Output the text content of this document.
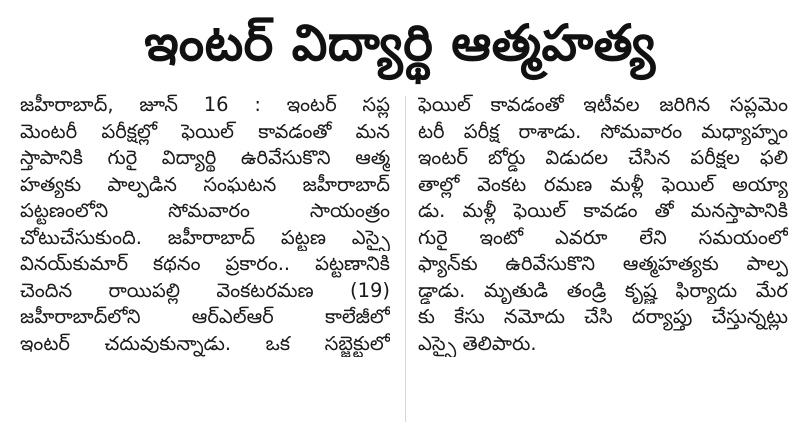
ఇంటర్ విద్యార్థి ఆత్మహత్య
జహీరాబాద్, జూన్ 16 : ఇంటర్ సప్ల
మెంటరీ పరీక్షల్లో ఫెయిల్ కావడంతో మన
స్తాపానికి గురై విద్యార్థి ఉరివేసుకొని ఆత్మ
హత్యకు పాల్పడిన సంఘటన జహీరాబాద్
పట్టణంలోని సోమవారం సాయంత్రం
చోటుచేసుకుంది. జహీరాబాద్ పట్టణ ఎస్సై
వినయ్‌కుమార్ కథనం ప్రకారం.. పట్టణానికి
చెందిన రాయిపల్లి వెంకటరమణ (19)
జహీరాబాద్‌లోని ఆర్‌ఎల్‌ఆర్ కాలేజీలో
ఇంటర్ చదువుకున్నాడు. ఒక సబ్జెక్టులో
ఫెయిల్ కావడంతో ఇటీవల జరిగిన సప్లమెం
టరీ పరీక్ష రాశాడు. సోమవారం మధ్యాహ్నం
ఇంటర్ బోర్డు విడుదల చేసిన పరీక్షల ఫలి
తాల్లో వెంకట రమణ మళ్లీ ఫెయిల్ అయ్యా
డు. మళ్లీ ఫెయిల్ కావడం తో మనస్తాపానికి
గురై ఇంటో ఎవరూ లేని సమయంలో
ఫ్యాన్‌కు ఉరివేసుకొని ఆత్మహత్యకు పాల్ప
డ్డాడు. మృతుడి తండ్రి కృష్ణ ఫిర్యాదు మేర
కు కేసు నమోదు చేసి దర్యాప్తు చేస్తున్నట్లు
ఎస్సై తెలిపారు.
